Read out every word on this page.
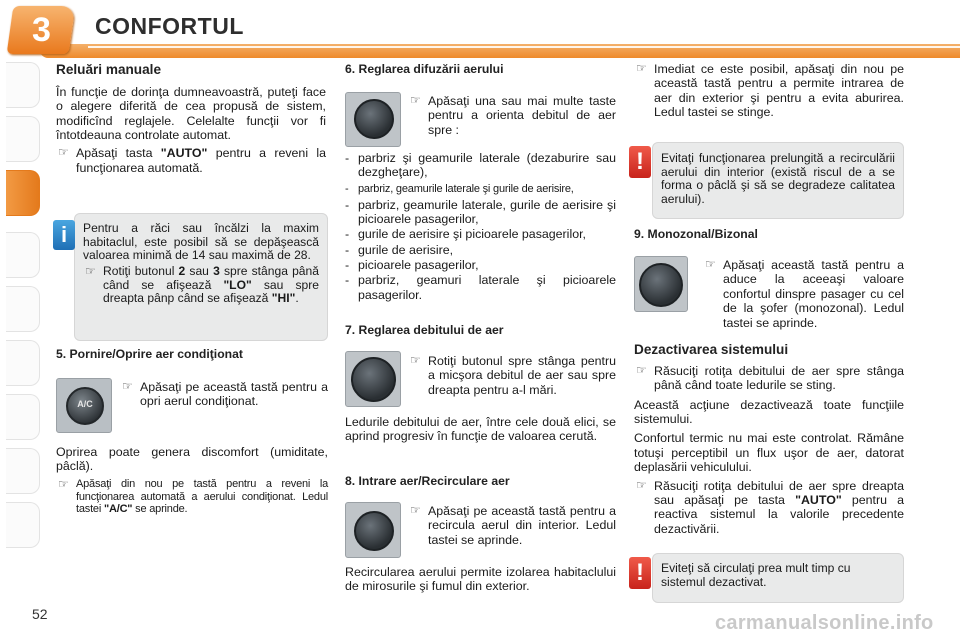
3	CONFORTUL
Reluări manuale

În funcţie de dorinţa dumneavoastră, puteţi face o alegere diferită de cea propusă de sistem, modificînd reglajele. Celelalte funcţii vor fi întotdeauna controlate automat.

☞ Apăsaţi tasta "AUTO" pentru a reveni la funcţionarea automată.

Pentru a răci sau încălzi la maxim habitaclul, este posibil să se depăşească valoarea minimă de 14 sau maximă de 28.

☞ Rotiţi butonul 2 sau 3 spre stânga până când se afişează "LO" sau spre dreapta pânp când se afişează "HI".
i
5. Pornire/Oprire aer condiţionat
A/C
☞ Apăsaţi pe această tastă pentru a opri aerul condiţionat.

Oprirea poate genera discomfort (umiditate, pâclă).

☞ Apăsaţi din nou pe tastă pentru a reveni la funcţionarea automată a aerului condiţionat. Ledul tastei "A/C" se aprinde.
6. Reglarea difuzării aerului
☞ Apăsaţi una sau mai multe taste pentru a orienta debitul de aer spre :
- parbriz şi geamurile laterale (dezaburire sau dezgheţare),
- parbriz, geamurile laterale şi gurile de aerisire,
- parbriz, geamurile laterale, gurile de aerisire şi picioarele pasagerilor,
- gurile de aerisire şi picioarele pasagerilor,
- gurile de aerisire,
- picioarele pasagerilor,
- parbriz, geamuri laterale şi picioarele pasagerilor.
7. Reglarea debitului de aer
☞ Rotiţi butonul spre stânga pentru a micşora debitul de aer sau spre dreapta pentru a-l mări.

Ledurile debitului de aer, între cele două elici, se aprind progresiv în funcţie de valoarea cerută.

8. Intrare aer/Recirculare aer
☞ Apăsaţi pe această tastă pentru a recircula aerul din interior. Ledul tastei se aprinde.

Recircularea aerului permite izolarea habitaclului de mirosurile şi fumul din exterior.

☞ Imediat ce este posibil, apăsaţi din nou pe această tastă pentru a permite intrarea de aer din exterior şi pentru a evita aburirea. Ledul tastei se stinge.

Evitaţi funcţionarea prelungită a recirculării aerului din interior (există riscul de a se forma o pâclă şi să se degradeze calitatea aerului).

!
9. Monozonal/Bizonal
☞ Apăsaţi această tastă pentru a aduce la aceeaşi valoare confortul dinspre pasager cu cel de la şofer (monozonal). Ledul tastei se aprinde.
Dezactivarea sistemului
☞ Răsuciţi rotiţa debitului de aer spre stânga până când toate ledurile se sting.

Această acţiune dezactivează toate funcţiile sistemului.

Confortul termic nu mai este controlat. Rămâne totuşi perceptibil un flux uşor de aer, datorat deplasării vehiculului.

☞ Răsuciţi rotiţa debitului de aer spre dreapta sau apăsaţi pe tasta "AUTO" pentru a reactiva sistemul la valorile precedente dezactivării.

Eviteţi să circulaţi prea mult timp cu sistemul dezactivat.

!
52	carmanualsonline.info
